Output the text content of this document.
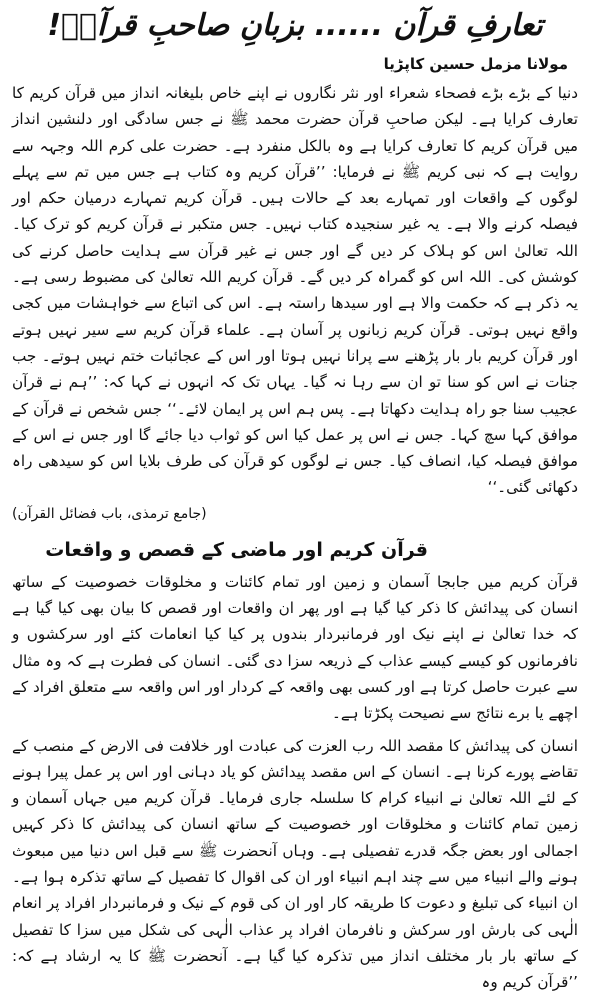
تعارفِ قرآن ...... بزبانِ صاحبِ قرآنؐ!
مولانا مزمل حسین کاپڑیا

دنیا کے بڑے بڑے فصحاء شعراء اور نثر نگاروں نے اپنے خاص بلیغانہ انداز میں قرآن کریم کا تعارف کرایا ہے۔ لیکن صاحبِ قرآن حضرت محمد ﷺ نے جس سادگی اور دلنشین انداز میں قرآن کریم کا تعارف کرایا ہے وہ بالکل منفرد ہے۔ حضرت علی کرم اللہ وجہہ سے روایت ہے کہ نبی کریم ﷺ نے فرمایا: ’’قرآن کریم وہ کتاب ہے جس میں تم سے پہلے لوگوں کے واقعات اور تمہارے بعد کے حالات ہیں۔ قرآن کریم تمہارے درمیان حکم اور فیصلہ کرنے والا ہے۔ یہ غیر سنجیدہ کتاب نہیں۔ جس متکبر نے قرآن کریم کو ترک کیا۔ اللہ تعالیٰ اس کو ہلاک کر دیں گے اور جس نے غیر قرآن سے ہدایت حاصل کرنے کی کوشش کی۔ اللہ اس کو گمراہ کر دیں گے۔ قرآن کریم اللہ تعالیٰ کی مضبوط رسی ہے۔ یہ ذکر ہے کہ حکمت والا ہے اور سیدھا راستہ ہے۔ اس کی اتباع سے خواہشات میں کجی واقع نہیں ہوتی۔ قرآن کریم زبانوں پر آسان ہے۔ علماء قرآن کریم سے سیر نہیں ہوتے اور قرآن کریم بار بار پڑھنے سے پرانا نہیں ہوتا اور اس کے عجائبات ختم نہیں ہوتے۔ جب جنات نے اس کو سنا تو ان سے رہا نہ گیا۔ یہاں تک کہ انہوں نے کہا کہ: ’’ہم نے قرآن عجیب سنا جو راہ ہدایت دکھاتا ہے۔ پس ہم اس پر ایمان لائے۔‘‘ جس شخص نے قرآن کے موافق کہا سچ کہا۔ جس نے اس پر عمل کیا اس کو ثواب دیا جائے گا اور جس نے اس کے موافق فیصلہ کیا، انصاف کیا۔ جس نے لوگوں کو قرآن کی طرف بلایا اس کو سیدھی راہ دکھائی گئی۔‘‘

(جامع ترمذی، باب فضائل القرآن)
قرآن کریم اور ماضی کے قصص و واقعات

قرآن کریم میں جابجا آسمان و زمین اور تمام کائنات و مخلوقات خصوصیت کے ساتھ انسان کی پیدائش کا ذکر کیا گیا ہے اور پھر ان واقعات اور قصص کا بیان بھی کیا گیا ہے کہ خدا تعالیٰ نے اپنے نیک اور فرمانبردار بندوں پر کیا کیا انعامات کئے اور سرکشوں و نافرمانوں کو کیسے کیسے عذاب کے ذریعہ سزا دی گئی۔ انسان کی فطرت ہے کہ وہ مثال سے عبرت حاصل کرتا ہے اور کسی بھی واقعہ کے کردار اور اس واقعہ سے متعلق افراد کے اچھے یا برے نتائج سے نصیحت پکڑتا ہے۔

انسان کی پیدائش کا مقصد اللہ رب العزت کی عبادت اور خلافت فی الارض کے منصب کے تقاضے پورے کرنا ہے۔ انسان کے اس مقصد پیدائش کو یاد دہانی اور اس پر عمل پیرا ہونے کے لئے اللہ تعالیٰ نے انبیاء کرام کا سلسلہ جاری فرمایا۔ قرآن کریم میں جہاں آسمان و زمین تمام کائنات و مخلوقات اور خصوصیت کے ساتھ انسان کی پیدائش کا ذکر کہیں اجمالی اور بعض جگہ قدرے تفصیلی ہے۔ وہاں آنحضرت ﷺ سے قبل اس دنیا میں مبعوث ہونے والے انبیاء میں سے چند اہم انبیاء اور ان کی اقوال کا تفصیل کے ساتھ تذکرہ ہوا ہے۔ ان انبیاء کی تبلیغ و دعوت کا طریقہ کار اور ان کی قوم کے نیک و فرمانبردار افراد پر انعام الٰہی کی بارش اور سرکش و نافرمان افراد پر عذاب الٰہی کی شکل میں سزا کا تفصیل کے ساتھ بار بار مختلف انداز میں تذکرہ کیا گیا ہے۔ آنحضرت ﷺ کا یہ ارشاد ہے کہ: ’’قرآن کریم وہ
